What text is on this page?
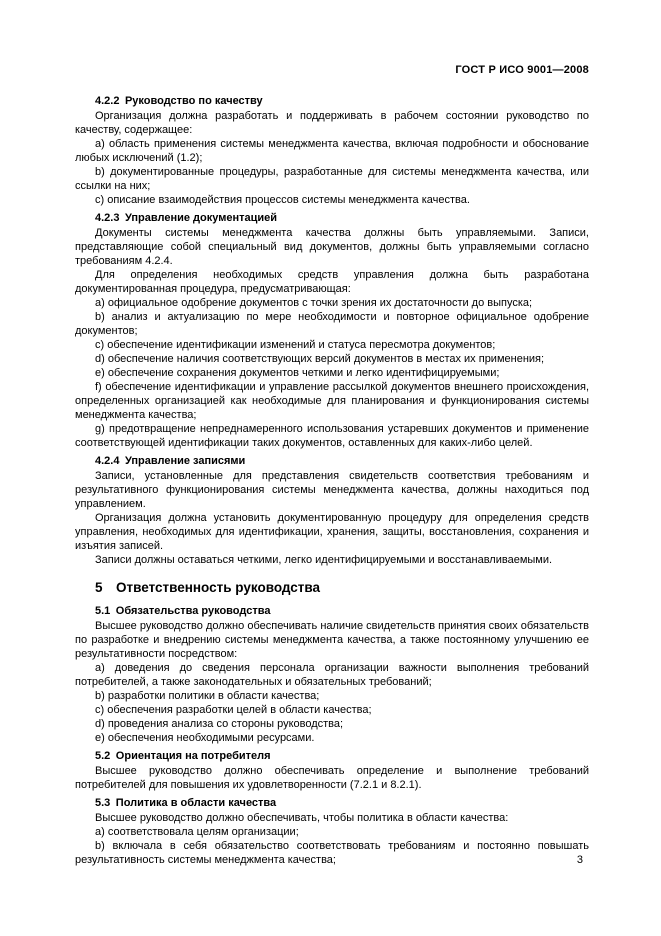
ГОСТ Р ИСО 9001—2008
4.2.2 Руководство по качеству
Организация должна разработать и поддерживать в рабочем состоянии руководство по качеству, содержащее:
a) область применения системы менеджмента качества, включая подробности и обоснование любых исключений (1.2);
b) документированные процедуры, разработанные для системы менеджмента качества, или ссылки на них;
c) описание взаимодействия процессов системы менеджмента качества.
4.2.3 Управление документацией
Документы системы менеджмента качества должны быть управляемыми. Записи, представляющие собой специальный вид документов, должны быть управляемыми согласно требованиям 4.2.4.
Для определения необходимых средств управления должна быть разработана документированная процедура, предусматривающая:
a) официальное одобрение документов с точки зрения их достаточности до выпуска;
b) анализ и актуализацию по мере необходимости и повторное официальное одобрение документов;
c) обеспечение идентификации изменений и статуса пересмотра документов;
d) обеспечение наличия соответствующих версий документов в местах их применения;
e) обеспечение сохранения документов четкими и легко идентифицируемыми;
f) обеспечение идентификации и управление рассылкой документов внешнего происхождения, определенных организацией как необходимые для планирования и функционирования системы менеджмента качества;
g) предотвращение непреднамеренного использования устаревших документов и применение соответствующей идентификации таких документов, оставленных для каких-либо целей.
4.2.4 Управление записями
Записи, установленные для представления свидетельств соответствия требованиям и результативного функционирования системы менеджмента качества, должны находиться под управлением.
Организация должна установить документированную процедуру для определения средств управления, необходимых для идентификации, хранения, защиты, восстановления, сохранения и изъятия записей.
Записи должны оставаться четкими, легко идентифицируемыми и восстанавливаемыми.
5 Ответственность руководства
5.1 Обязательства руководства
Высшее руководство должно обеспечивать наличие свидетельств принятия своих обязательств по разработке и внедрению системы менеджмента качества, а также постоянному улучшению ее результативности посредством:
a) доведения до сведения персонала организации важности выполнения требований потребителей, а также законодательных и обязательных требований;
b) разработки политики в области качества;
c) обеспечения разработки целей в области качества;
d) проведения анализа со стороны руководства;
e) обеспечения необходимыми ресурсами.
5.2 Ориентация на потребителя
Высшее руководство должно обеспечивать определение и выполнение требований потребителей для повышения их удовлетворенности (7.2.1 и 8.2.1).
5.3 Политика в области качества
Высшее руководство должно обеспечивать, чтобы политика в области качества:
a) соответствовала целям организации;
b) включала в себя обязательство соответствовать требованиям и постоянно повышать результативность системы менеджмента качества;	3
